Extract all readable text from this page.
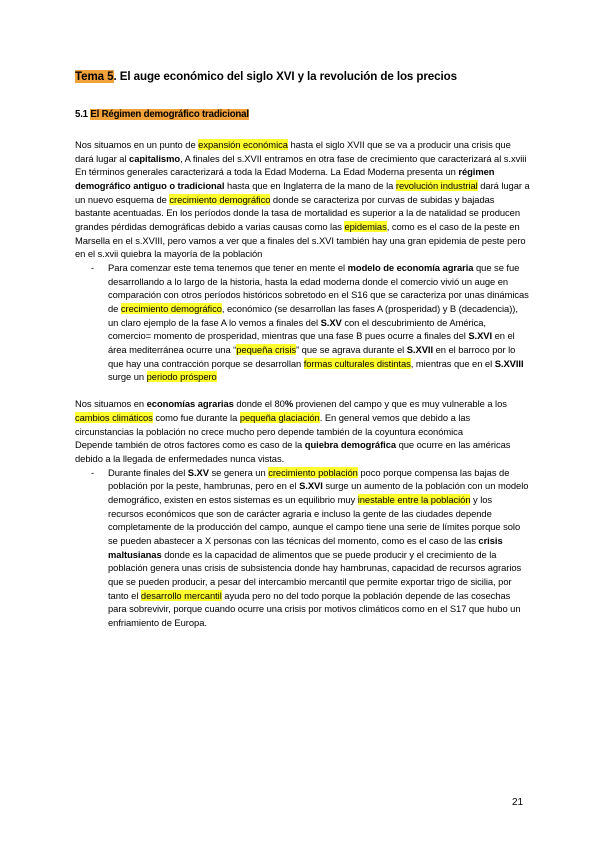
Tema 5. El auge económico del siglo XVI y la revolución de los precios
5.1 El Régimen demográfico tradicional

Nos situamos en un punto de expansión económica hasta el siglo XVII que se va a producir una crisis que dará lugar al capitalismo, A finales del s.XVII entramos en otra fase de crecimiento que caracterizará al s.xviii

En términos generales caracterizará a toda la Edad Moderna. La Edad Moderna presenta un régimen demográfico antiguo o tradicional hasta que en Inglaterra de la mano de la revolución industrial dará lugar a un nuevo esquema de crecimiento demográfico donde se caracteriza por curvas de subidas y bajadas bastante acentuadas. En los períodos donde la tasa de mortalidad es superior a la de natalidad se producen grandes pérdidas demográficas debido a varias causas como las epidemias, como es el caso de la peste en Marsella en el s.XVIII, pero vamos a ver que a finales del s.XVI también hay una gran epidemia de peste pero en el s.xvii quiebra la mayoría de la población

- Para comenzar este tema tenemos que tener en mente el modelo de economía agraria que se fue desarrollando a lo largo de la historia, hasta la edad moderna donde el comercio vivió un auge en comparación con otros períodos históricos sobretodo en el S16 que se caracteriza por unas dinámicas de crecimiento demográfico, económico (se desarrollan las fases A (prosperidad) y B (decadencia)), un claro ejemplo de la fase A lo vemos a finales del S.XV con el descubrimiento de América, comercio= momento de prosperidad, mientras que una fase B pues ocurre a finales del S.XVI en el área mediterránea ocurre una “pequeña crisis” que se agrava durante el S.XVII en el barroco por lo que hay una contracción porque se desarrollan formas culturales distintas, mientras que en el S.XVIII surge un periodo próspero

Nos situamos en economías agrarias donde el 80% provienen del campo y que es muy vulnerable a los cambios climáticos como fue durante la pequeña glaciación. En general vemos que debido a las circunstancias la población no crece mucho pero depende también de la coyuntura económica

Depende también de otros factores como es caso de la quiebra demográfica que ocurre en las américas debido a la llegada de enfermedades nunca vistas.

- Durante finales del S.XV se genera un crecimiento población poco porque compensa las bajas de población por la peste, hambrunas, pero en el S.XVI surge un aumento de la población con un modelo demográfico, existen en estos sistemas es un equilibrio muy inestable entre la población y los recursos económicos que son de carácter agraria e incluso la gente de las ciudades depende completamente de la producción del campo, aunque el campo tiene una serie de límites porque solo se pueden abastecer a X personas con las técnicas del momento, como es el caso de las crisis maltusianas donde es la capacidad de alimentos que se puede producir y el crecimiento de la población genera unas crisis de subsistencia donde hay hambrunas, capacidad de recursos agrarios que se pueden producir, a pesar del intercambio mercantil que permite exportar trigo de sicilia, por tanto el desarrollo mercantil ayuda pero no del todo porque la población depende de las cosechas para sobrevivir, porque cuando ocurre una crisis por motivos climáticos como en el S17 que hubo un enfriamiento de Europa.
21
